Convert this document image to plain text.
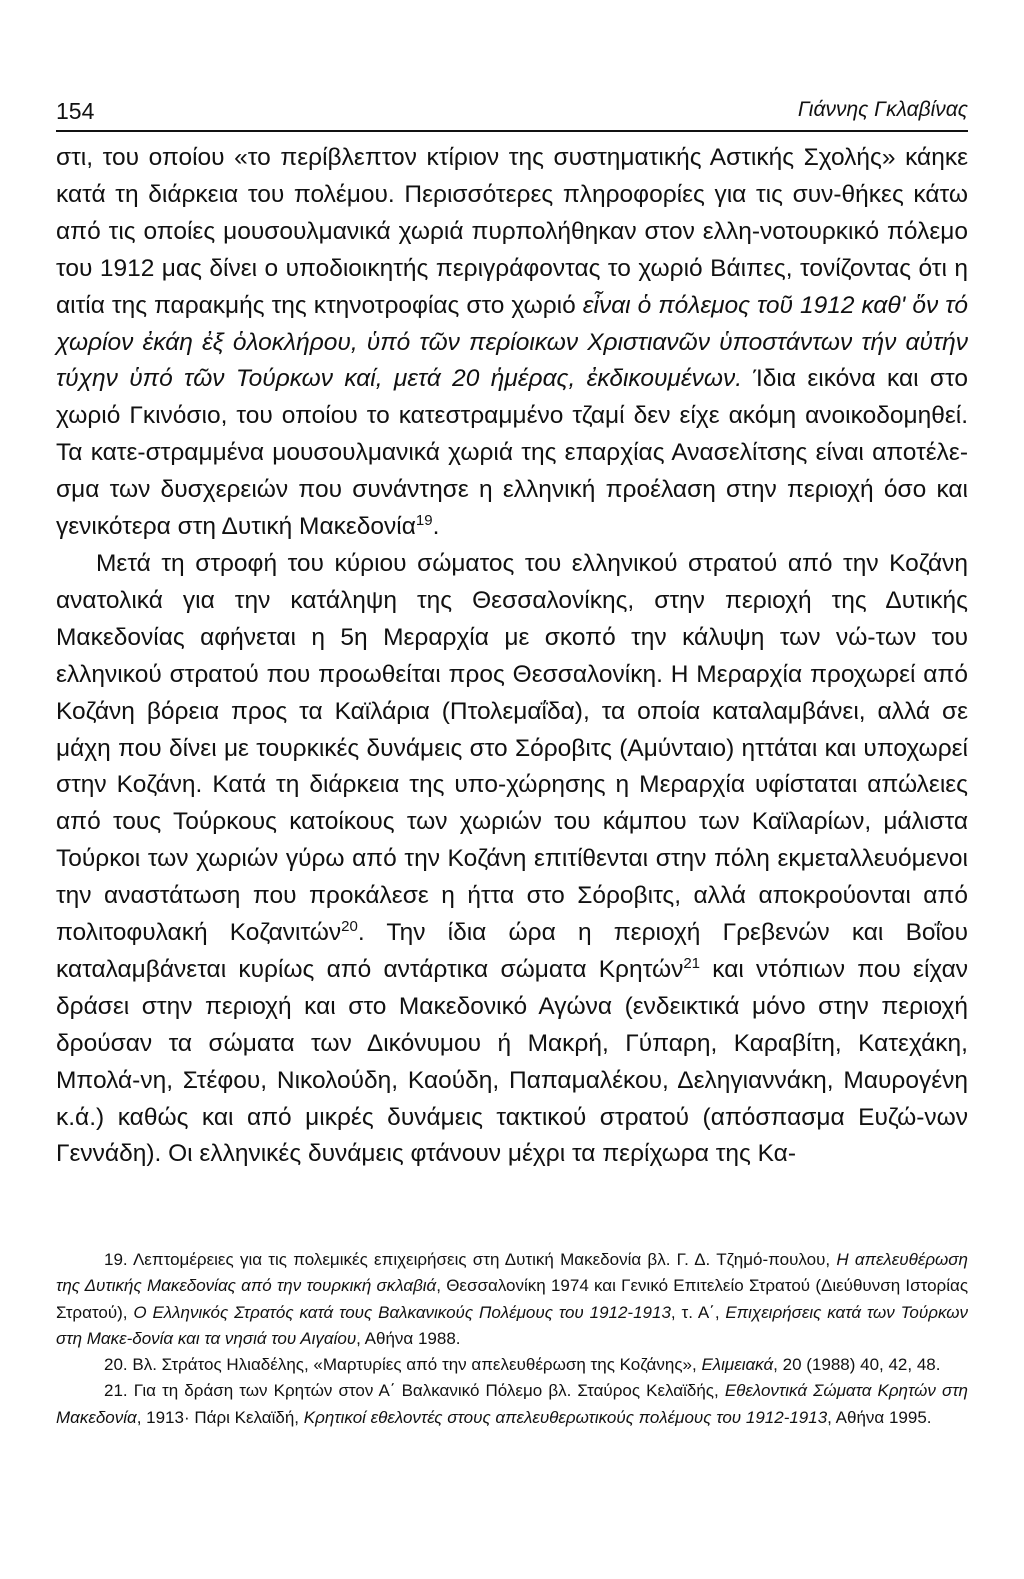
154	Γιάννης Γκλαβίνας

στι, του οποίου «το περίβλεπτον κτίριον της συστηματικής Αστικής Σχολής» κάηκε κατά τη διάρκεια του πολέμου. Περισσότερες πληροφορίες για τις συν-θήκες κάτω από τις οποίες μουσουλμανικά χωριά πυρπολήθηκαν στον ελλη-νοτουρκικό πόλεμο του 1912 μας δίνει ο υποδιοικητής περιγράφοντας το χωριό Βάιπες, τονίζοντας ότι η αιτία της παρακμής της κτηνοτροφίας στο χωριό εἶναι ὁ πόλεμος τοῦ 1912 καθ' ὅν τό χωρίον ἐκάη ἐξ ὁλοκλήρου, ὑπό τῶν περίοικων Χριστιανῶν ὑποστάντων τήν αὐτήν τύχην ὑπό τῶν Τούρκων καί, μετά 20 ἡμέρας, ἐκδικουμένων. Ίδια εικόνα και στο χωριό Γκινόσιο, του οποίου το κατεστραμμένο τζαμί δεν είχε ακόμη ανοικοδομηθεί. Τα κατε-στραμμένα μουσουλμανικά χωριά της επαρχίας Ανασελίτσης είναι αποτέλε-σμα των δυσχερειών που συνάντησε η ελληνική προέλαση στην περιοχή όσο και γενικότερα στη Δυτική Μακεδονία$^{19}$.

Μετά τη στροφή του κύριου σώματος του ελληνικού στρατού από την Κοζάνη ανατολικά για την κατάληψη της Θεσσαλονίκης, στην περιοχή της Δυτικής Μακεδονίας αφήνεται η 5η Μεραρχία με σκοπό την κάλυψη των νώ-των του ελληνικού στρατού που προωθείται προς Θεσσαλονίκη. Η Μεραρχία προχωρεί από Κοζάνη βόρεια προς τα Καϊλάρια (Πτολεμαΐδα), τα οποία καταλαμβάνει, αλλά σε μάχη που δίνει με τουρκικές δυνάμεις στο Σόροβιτς (Αμύνταιο) ηττάται και υποχωρεί στην Κοζάνη. Κατά τη διάρκεια της υπο-χώρησης η Μεραρχία υφίσταται απώλειες από τους Τούρκους κατοίκους των χωριών του κάμπου των Καϊλαρίων, μάλιστα Τούρκοι των χωριών γύρω από την Κοζάνη επιτίθενται στην πόλη εκμεταλλευόμενοι την αναστάτωση που προκάλεσε η ήττα στο Σόροβιτς, αλλά αποκρούονται από πολιτοφυλακή Κοζανιτών$^{20}$. Την ίδια ώρα η περιοχή Γρεβενών και Βοΐου καταλαμβάνεται κυρίως από αντάρτικα σώματα Κρητών$^{21}$ και ντόπιων που είχαν δράσει στην περιοχή και στο Μακεδονικό Αγώνα (ενδεικτικά μόνο στην περιοχή δρούσαν τα σώματα των Δικόνυμου ή Μακρή, Γύπαρη, Καραβίτη, Κατεχάκη, Μπολά-νη, Στέφου, Νικολούδη, Καούδη, Παπαμαλέκου, Δεληγιαννάκη, Μαυρογένη κ.ά.) καθώς και από μικρές δυνάμεις τακτικού στρατού (απόσπασμα Ευζώ-νων Γεννάδη). Οι ελληνικές δυνάμεις φτάνουν μέχρι τα περίχωρα της Κα-

19. Λεπτομέρειες για τις πολεμικές επιχειρήσεις στη Δυτική Μακεδονία βλ. Γ. Δ. Τζημό-πουλου, Η απελευθέρωση της Δυτικής Μακεδονίας από την τουρκική σκλαβιά, Θεσσαλονίκη 1974 και Γενικό Επιτελείο Στρατού (Διεύθυνση Ιστορίας Στρατού), Ο Ελληνικός Στρατός κατά τους Βαλκανικούς Πολέμους του 1912-1913, τ. Α΄, Επιχειρήσεις κατά των Τούρκων στη Μακε-δονία και τα νησιά του Αιγαίου, Αθήνα 1988.

20. Βλ. Στράτος Ηλιαδέλης, «Μαρτυρίες από την απελευθέρωση της Κοζάνης», Ελιμειακά, 20 (1988) 40, 42, 48.

21. Για τη δράση των Κρητών στον Α΄ Βαλκανικό Πόλεμο βλ. Σταύρος Κελαϊδής, Εθελοντικά Σώματα Κρητών στη Μακεδονία, 1913· Πάρι Κελαϊδή, Κρητικοί εθελοντές στους απελευθερωτικούς πολέμους του 1912-1913, Αθήνα 1995.
